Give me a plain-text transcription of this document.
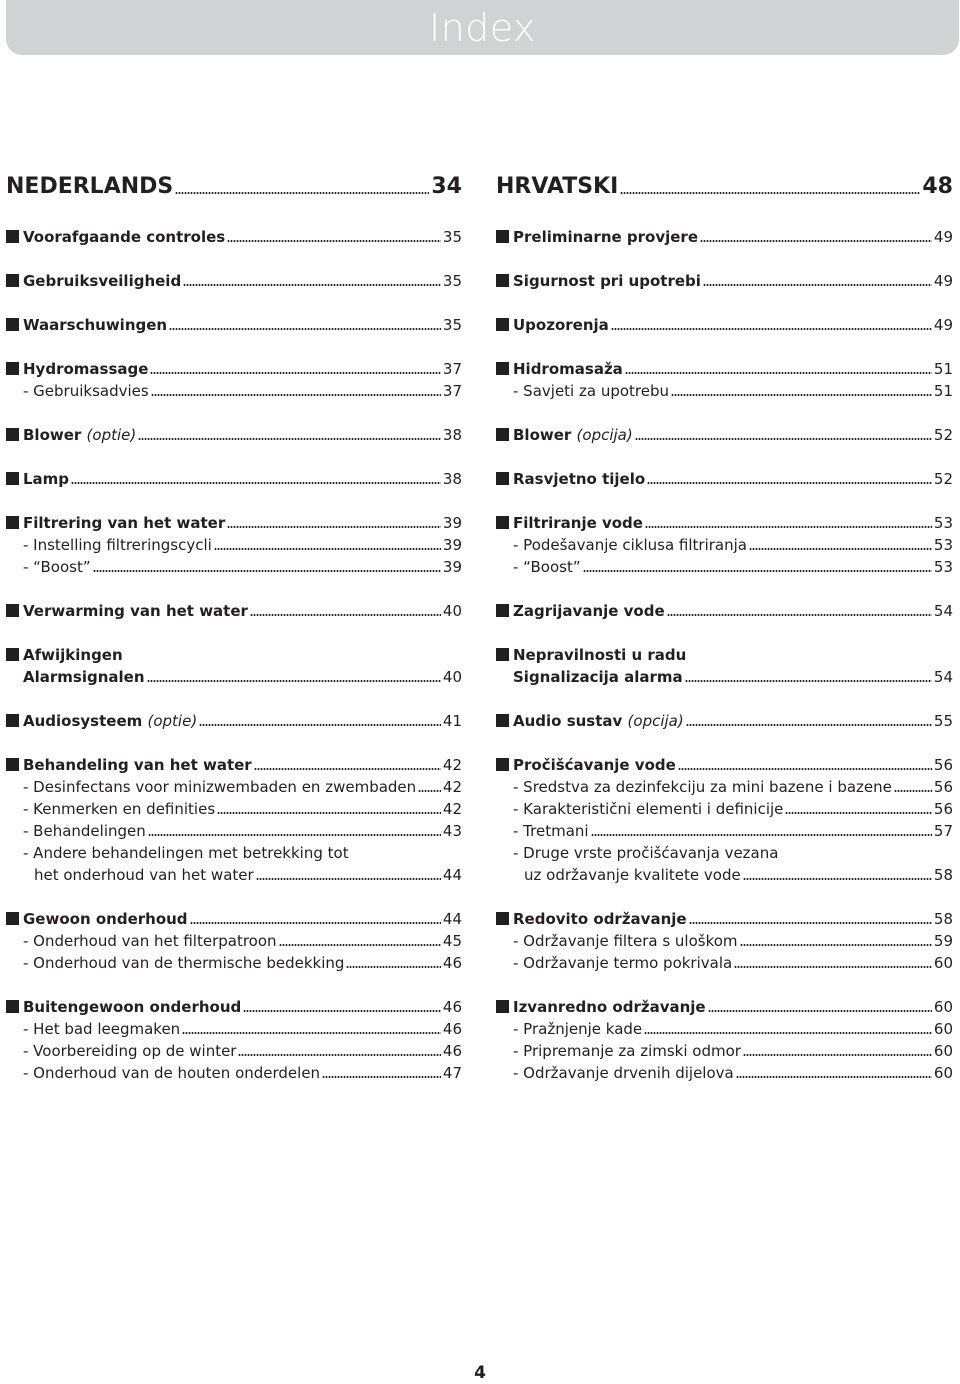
Index
NEDERLANDS	34
Voorafgaande controles	35
Gebruiksveiligheid	35
Waarschuwingen	35
Hydromassage	37
- Gebruiksadvies	37
Blower (optie)	38
Lamp	38
Filtrering van het water	39
- Instelling filtreringscycli	39
- “Boost”	39
Verwarming van het water	40
Afwijkingen
Alarmsignalen	40
Audiosysteem (optie)	41
Behandeling van het water	42
- Desinfectans voor minizwembaden en zwembaden 42
- Kenmerken en definities	42
- Behandelingen	43
- Andere behandelingen met betrekking tot
het onderhoud van het water	44
Gewoon onderhoud	44
- Onderhoud van het filterpatroon	45
- Onderhoud van de thermische bedekking	46
Buitengewoon onderhoud	46
- Het bad leegmaken	46
- Voorbereiding op de winter	46
- Onderhoud van de houten onderdelen	47
HRVATSKI	48
Preliminarne provjere	49
Sigurnost pri upotrebi	49
Upozorenja	49
Hidromasaža	51
- Savjeti za upotrebu	51
Blower (opcija)	52
Rasvjetno tijelo	52
Filtriranje vode	53
- Podešavanje ciklusa filtriranja	53
- “Boost”	53
Zagrijavanje vode	54
Nepravilnosti u radu
Signalizacija alarma	54
Audio sustav (opcija)	55
Pročišćavanje vode	56
- Sredstva za dezinfekciju za mini bazene i bazene	56
- Karakteristični elementi i definicije	56
- Tretmani	57
- Druge vrste pročišćavanja vezana
uz održavanje kvalitete vode	58
Redovito održavanje	58
- Održavanje filtera s uloškom	59
- Održavanje termo pokrivala	60
Izvanredno održavanje	60
- Pražnjenje kade	60
- Pripremanje za zimski odmor	60
- Održavanje drvenih dijelova	60
4
